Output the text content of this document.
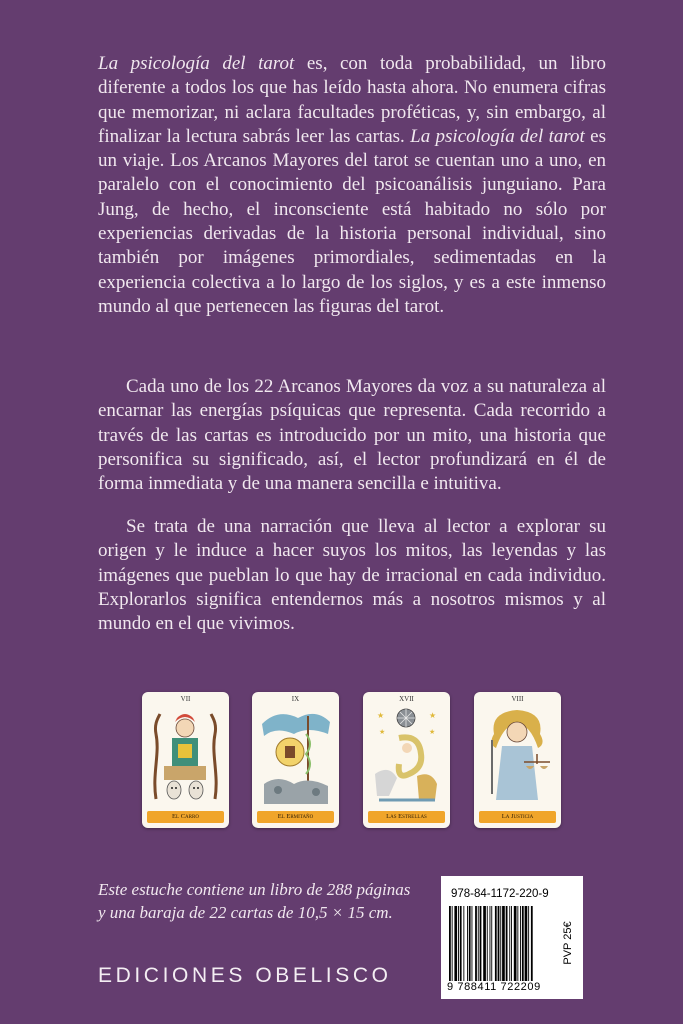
La psicología del tarot es, con toda probabilidad, un libro diferente a todos los que has leído hasta ahora. No enumera cifras que memorizar, ni aclara facultades proféticas, y, sin embargo, al finalizar la lectura sabrás leer las cartas. La psicología del tarot es un viaje. Los Arcanos Mayores del tarot se cuentan uno a uno, en paralelo con el conocimiento del psicoanálisis junguiano. Para Jung, de hecho, el inconsciente está habitado no sólo por experiencias derivadas de la historia personal individual, sino también por imágenes primordiales, sedimentadas en la experiencia colectiva a lo largo de los siglos, y es a este inmenso mundo al que pertenecen las figuras del tarot.

Cada uno de los 22 Arcanos Mayores da voz a su naturaleza al encarnar las energías psíquicas que representa. Cada recorrido a través de las cartas es introducido por un mito, una historia que personifica su significado, así, el lector profundizará en él de forma inmediata y de una manera sencilla e intuitiva.

Se trata de una narración que lleva al lector a explorar su origen y le induce a hacer suyos los mitos, las leyendas y las imágenes que pueblan lo que hay de irracional en cada individuo. Explorarlos significa entendernos más a nosotros mismos y al mundo en el que vivimos.

VII
El Carro
IX
El Ermitaño
XVII
★	★
★	★
Las Estrellas
VIII
La Justicia

Este estuche contiene un libro de 288 páginas
y una baraja de 22 cartas de 10,5 × 15 cm.

EDICIONES OBELISCO
978-84-1172-220-9
9 788411 722209
PVP 25€
